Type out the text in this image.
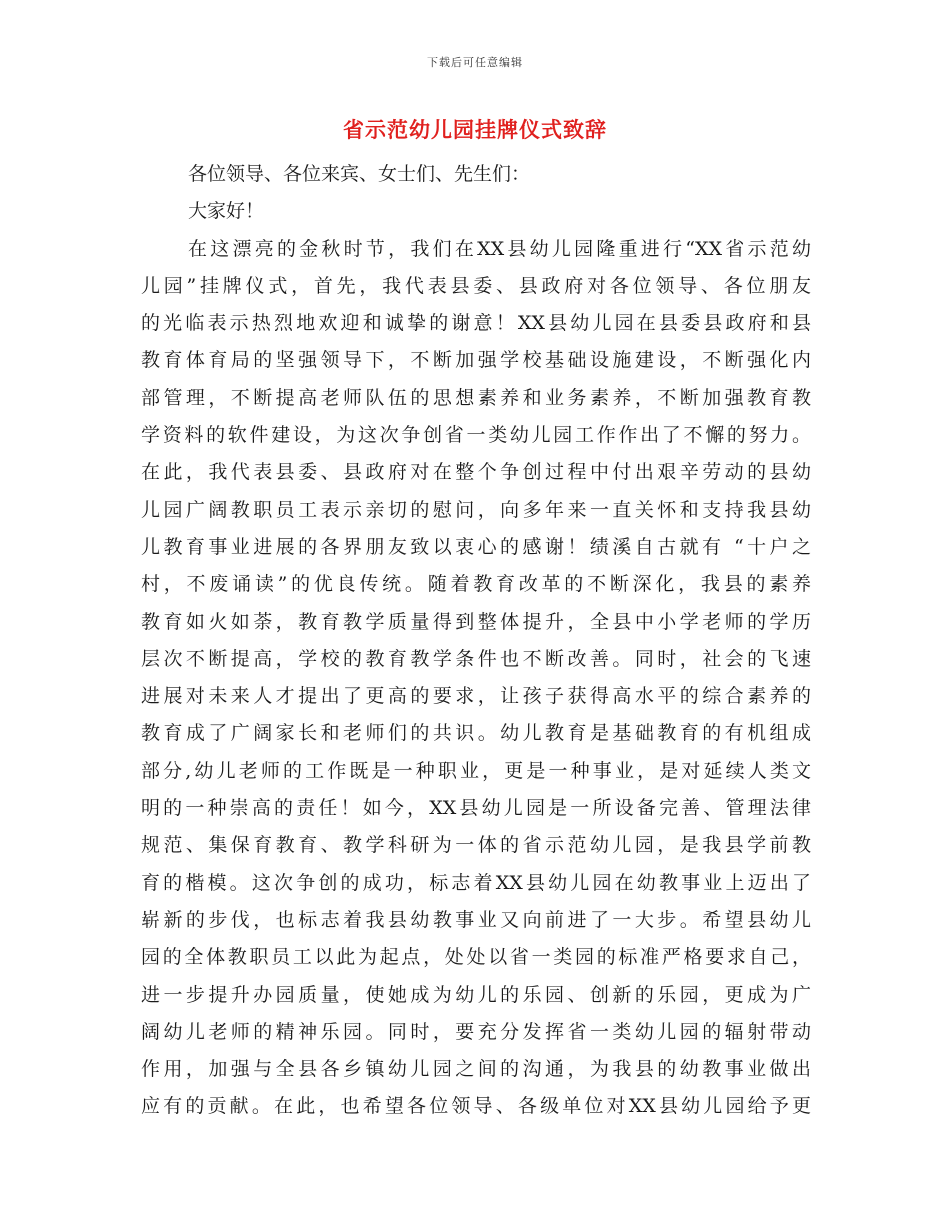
下载后可任意编辑
省示范幼儿园挂牌仪式致辞
各位领导、各位来宾、女士们、先生们：
大家好！
在这漂亮的金秋时节，我们在XX县幼儿园隆重进行“XX省示范幼
儿园”挂牌仪式，首先，我代表县委、县政府对各位领导、各位朋友
的光临表示热烈地欢迎和诚挚的谢意！XX县幼儿园在县委县政府和县
教育体育局的坚强领导下，不断加强学校基础设施建设，不断强化内
部管理，不断提高老师队伍的思想素养和业务素养，不断加强教育教
学资料的软件建设，为这次争创省一类幼儿园工作作出了不懈的努力。
在此，我代表县委、县政府对在整个争创过程中付出艰辛劳动的县幼
儿园广阔教职员工表示亲切的慰问，向多年来一直关怀和支持我县幼
儿教育事业进展的各界朋友致以衷心的感谢！绩溪自古就有 “十户之
村，不废诵读”的优良传统。随着教育改革的不断深化，我县的素养
教育如火如荼，教育教学质量得到整体提升，全县中小学老师的学历
层次不断提高，学校的教育教学条件也不断改善。同时，社会的飞速
进展对未来人才提出了更高的要求，让孩子获得高水平的综合素养的
教育成了广阔家长和老师们的共识。幼儿教育是基础教育的有机组成
部分,幼儿老师的工作既是一种职业，更是一种事业，是对延续人类文
明的一种崇高的责任！如今，XX县幼儿园是一所设备完善、管理法律
规范、集保育教育、教学科研为一体的省示范幼儿园，是我县学前教
育的楷模。这次争创的成功，标志着XX县幼儿园在幼教事业上迈出了
崭新的步伐，也标志着我县幼教事业又向前进了一大步。希望县幼儿
园的全体教职员工以此为起点，处处以省一类园的标准严格要求自己，
进一步提升办园质量，使她成为幼儿的乐园、创新的乐园，更成为广
阔幼儿老师的精神乐园。同时，要充分发挥省一类幼儿园的辐射带动
作用，加强与全县各乡镇幼儿园之间的沟通，为我县的幼教事业做出
应有的贡献。在此，也希望各位领导、各级单位对XX县幼儿园给予更
